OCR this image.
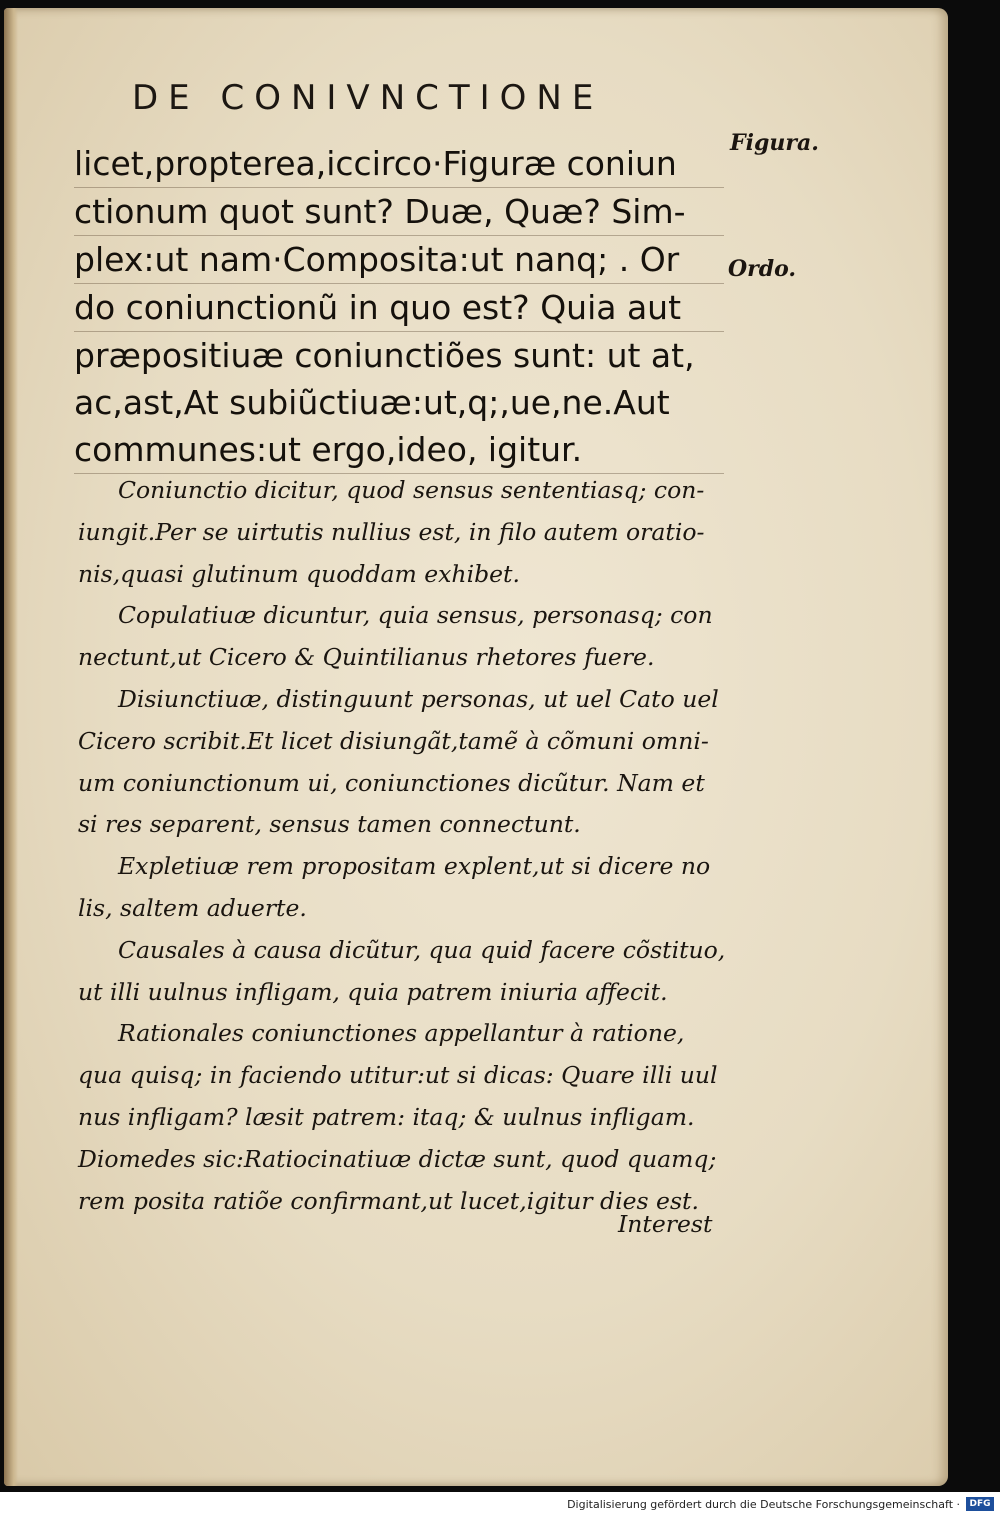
DE CONIVNCTIONE
licet,propterea,iccirco·Figuræ coniun
ctionum quot sunt? Duæ, Quæ? Sim-
plex:ut nam·Composita:ut nanq; . Or
do coniunctionũ in quo est? Quia aut
præpositiuæ coniunctiões sunt: ut at,
ac,ast,At subiũctiuæ:ut,q;,ue,ne.Aut
communes:ut ergo,ideo, igitur.
Figura.
Ordo.
Coniunctio dicitur, quod sensus sententiasq; con-
iungit.Per se uirtutis nullius est, in filo autem oratio-
nis,quasi glutinum quoddam exhibet.
Copulatiuæ dicuntur, quia sensus, personasq; con
nectunt,ut Cicero & Quintilianus rhetores fuere.
Disiunctiuæ, distinguunt personas, ut uel Cato uel
Cicero scribit.Et licet disiungãt,tamẽ à cõmuni omni-
um coniunctionum ui, coniunctiones dicũtur. Nam et
si res separent, sensus tamen connectunt.
Expletiuæ rem propositam explent,ut si dicere no
lis, saltem aduerte.
Causales à causa dicũtur, qua quid facere cõstituo,
ut illi uulnus infligam, quia patrem iniuria affecit.
Rationales coniunctiones appellantur à ratione,
qua quisq; in faciendo utitur:ut si dicas: Quare illi uul
nus infligam? læsit patrem: itaq; & uulnus infligam.
Diomedes sic:Ratiocinatiuæ dictæ sunt, quod quamq;
rem posita ratiõe confirmant,ut lucet,igitur dies est.
Interest
Digitalisierung gefördert durch die Deutsche Forschungsgemeinschaft ·	DFG
